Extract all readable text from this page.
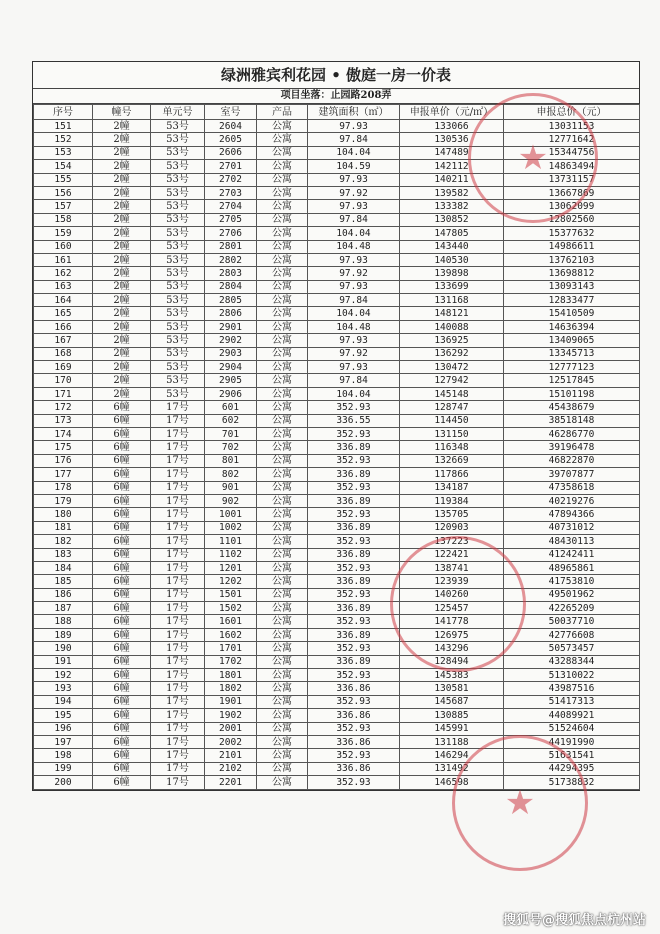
绿洲雅宾利花园 • 傲庭一房一价表
项目坐落：止园路208弄
序号	幢号	单元号	室号	产品	建筑面积（㎡）	申报单价（元/㎡）	申报总价（元）
151	2幢	53号	2604	公寓	97.93	133066	13031153
152	2幢	53号	2605	公寓	97.84	130536	12771642
153	2幢	53号	2606	公寓	104.04	147489	15344756
154	2幢	53号	2701	公寓	104.59	142112	14863494
155	2幢	53号	2702	公寓	97.93	140211	13731157
156	2幢	53号	2703	公寓	97.92	139582	13667869
157	2幢	53号	2704	公寓	97.93	133382	13062099
158	2幢	53号	2705	公寓	97.84	130852	12802560
159	2幢	53号	2706	公寓	104.04	147805	15377632
160	2幢	53号	2801	公寓	104.48	143440	14986611
161	2幢	53号	2802	公寓	97.93	140530	13762103
162	2幢	53号	2803	公寓	97.92	139898	13698812
163	2幢	53号	2804	公寓	97.93	133699	13093143
164	2幢	53号	2805	公寓	97.84	131168	12833477
165	2幢	53号	2806	公寓	104.04	148121	15410509
166	2幢	53号	2901	公寓	104.48	140088	14636394
167	2幢	53号	2902	公寓	97.93	136925	13409065
168	2幢	53号	2903	公寓	97.92	136292	13345713
169	2幢	53号	2904	公寓	97.93	130472	12777123
170	2幢	53号	2905	公寓	97.84	127942	12517845
171	2幢	53号	2906	公寓	104.04	145148	15101198
172	6幢	17号	601	公寓	352.93	128747	45438679
173	6幢	17号	602	公寓	336.55	114450	38518148
174	6幢	17号	701	公寓	352.93	131150	46286770
175	6幢	17号	702	公寓	336.89	116348	39196478
176	6幢	17号	801	公寓	352.93	132669	46822870
177	6幢	17号	802	公寓	336.89	117866	39707877
178	6幢	17号	901	公寓	352.93	134187	47358618
179	6幢	17号	902	公寓	336.89	119384	40219276
180	6幢	17号	1001	公寓	352.93	135705	47894366
181	6幢	17号	1002	公寓	336.89	120903	40731012
182	6幢	17号	1101	公寓	352.93	137223	48430113
183	6幢	17号	1102	公寓	336.89	122421	41242411
184	6幢	17号	1201	公寓	352.93	138741	48965861
185	6幢	17号	1202	公寓	336.89	123939	41753810
186	6幢	17号	1501	公寓	352.93	140260	49501962
187	6幢	17号	1502	公寓	336.89	125457	42265209
188	6幢	17号	1601	公寓	352.93	141778	50037710
189	6幢	17号	1602	公寓	336.89	126975	42776608
190	6幢	17号	1701	公寓	352.93	143296	50573457
191	6幢	17号	1702	公寓	336.89	128494	43288344
192	6幢	17号	1801	公寓	352.93	145383	51310022
193	6幢	17号	1802	公寓	336.86	130581	43987516
194	6幢	17号	1901	公寓	352.93	145687	51417313
195	6幢	17号	1902	公寓	336.86	130885	44089921
196	6幢	17号	2001	公寓	352.93	145991	51524604
197	6幢	17号	2002	公寓	336.86	131188	44191990
198	6幢	17号	2101	公寓	352.93	146294	51631541
199	6幢	17号	2102	公寓	336.86	131492	44294395
200	6幢	17号	2201	公寓	352.93	146598	51738832
★
★
搜狐号@搜狐焦点杭州站
